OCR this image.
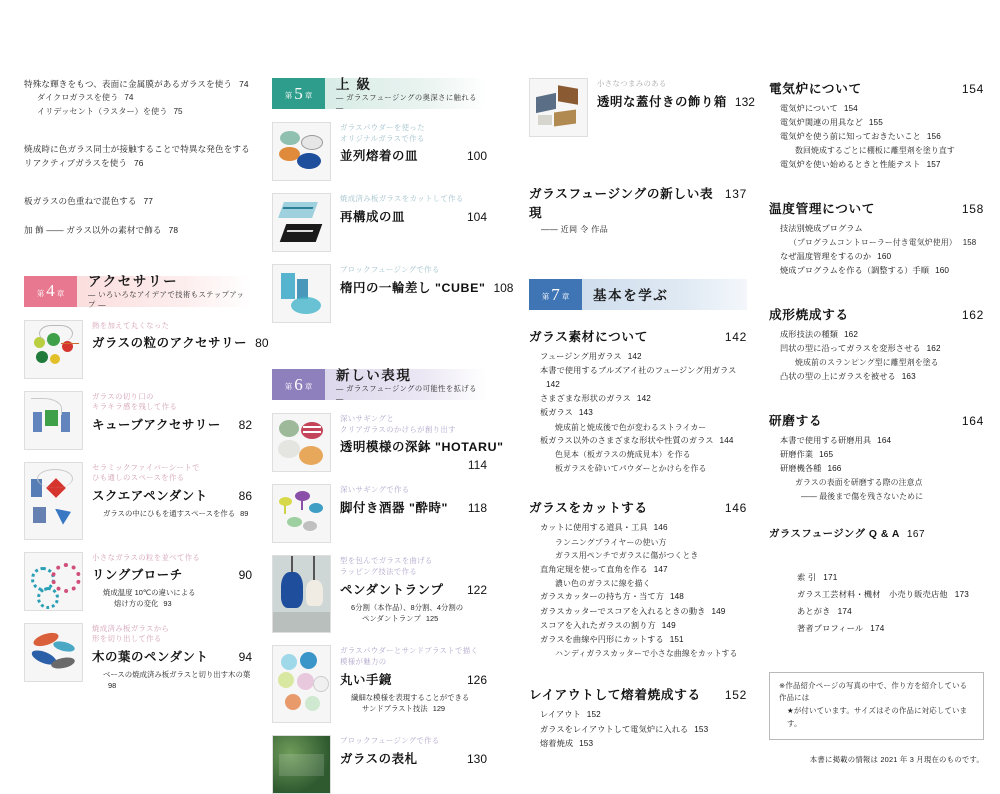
特殊な輝きをもつ、表面に金属膜があるガラスを使う 74
ダイクロガラスを使う 74
イリデッセント（ラスター）を使う 75
焼成時に色ガラス同士が接触することで特異な発色をする
リアクティブガラスを使う 76
板ガラスの色重ねで混色する 77
加 飾 —— ガラス以外の素材で飾る 78
第 4 章
アクセサリー
— いろいろなアイデアで技術もステップアップ —
熱を加えて丸くなった
ガラスの粒のアクセサリー 80
ガラスの切り口の
キラキラ感を残して作る
キューブアクセサリー	82
セラミックファイバーシートで
ひも通しのスペースを作る
スクエアペンダント	86
ガラスの中にひもを通すスペースを作る 89
小さなガラスの粒を並べて作る
リングブローチ	90
焼成温度 10℃の違いによる
熔け方の変化 93
焼成済み板ガラスから
形を切り出して作る
木の葉のペンダント	94
ベースの焼成済み板ガラスと切り出す木の葉98
第 5 章
上 級
— ガラスフュージングの奥深さに触れる —
ガラスパウダーを使った
オリジナルガラスで作る
並列熔着の皿	100
焼成済み板ガラスをカットして作る
再構成の皿	104
ブロックフュージングで作る
楕円の一輪差し "CUBE" 108
第 6 章
新しい表現
— ガラスフュージングの可能性を拡げる —
深いサギングと
クリアガラスのかけらが創り出す
透明模様の深鉢 "HOTARU"
114
深いサギングで作る
脚付き酒器 "酔時"	118
型を包んでガラスを曲げる
ラッピング技法で作る
ペンダントランプ	122
6分割（本作品）、8分割、4分割の
ペンダントランプ 125
ガラスパウダーとサンドブラストで描く
模様が魅力の
丸い手鏡	126
繊細な模様を表現することができる
サンドブラスト技法 129
ブロックフュージングで作る
ガラスの表札	130
小さなつまみのある
透明な蓋付きの飾り箱 132
ガラスフュージングの新しい表現
137
—— 近岡 令 作品
第 7 章 基本を学ぶ
ガラス素材について	142
フュージング用ガラス 142
本書で使用するブルズアイ社のフュージング用ガラス142
さまざまな形状のガラス 142
板ガラス 143
焼成前と焼成後で色が変わるストライカー
板ガラス以外のさまざまな形状や性質のガラス 144
色見本（板ガラスの焼成見本）を作る
板ガラスを砕いてパウダーとかけらを作る
ガラスをカットする	146
カットに使用する道具・工具 146
ランニングプライヤーの使い方
ガラス用ペンチでガラスに傷がつくとき
直角定規を使って直角を作る 147
濃い色のガラスに線を描く
ガラスカッターの持ち方・当て方 148
ガラスカッターでスコアを入れるときの動き 149
スコアを入れたガラスの割り方 149
ガラスを曲線や円形にカットする 151
ハンディガラスカッターで小さな曲線をカットする
レイアウトして熔着焼成する 152
レイアウト 152
ガラスをレイアウトして電気炉に入れる 153
熔着焼成 153
電気炉について	154
電気炉について 154
電気炉関連の用具など 155
電気炉を使う前に知っておきたいこと 156
数回焼成するごとに棚板に離型剤を塗り直す
電気炉を使い始めるときと性能テスト 157
温度管理について	158
技法別焼成プログラム
（プログラムコントローラー付き電気炉使用） 158
なぜ温度管理をするのか 160
焼成プログラムを作る（調整する）手順 160
成形焼成する	162
成形技法の種類 162
凹状の型に沿ってガラスを変形させる 162
焼成前のスランピング型に離型剤を塗る
凸状の型の上にガラスを被せる 163
研磨する	164
本書で使用する研磨用具 164
研磨作業 165
研磨機各種 166
ガラスの表面を研磨する際の注意点
—— 最後まで傷を残さないために
ガラスフュージング Q & A 167
索 引 171
ガラス工芸材料・機材　小売り販売店他 173
あとがき 174
著者プロフィール 174
※作品紹介ページの写真の中で、作り方を紹介している作品には
★が付いています。サイズはその作品に対応しています。
本書に掲載の情報は 2021 年 3 月現在のものです。
